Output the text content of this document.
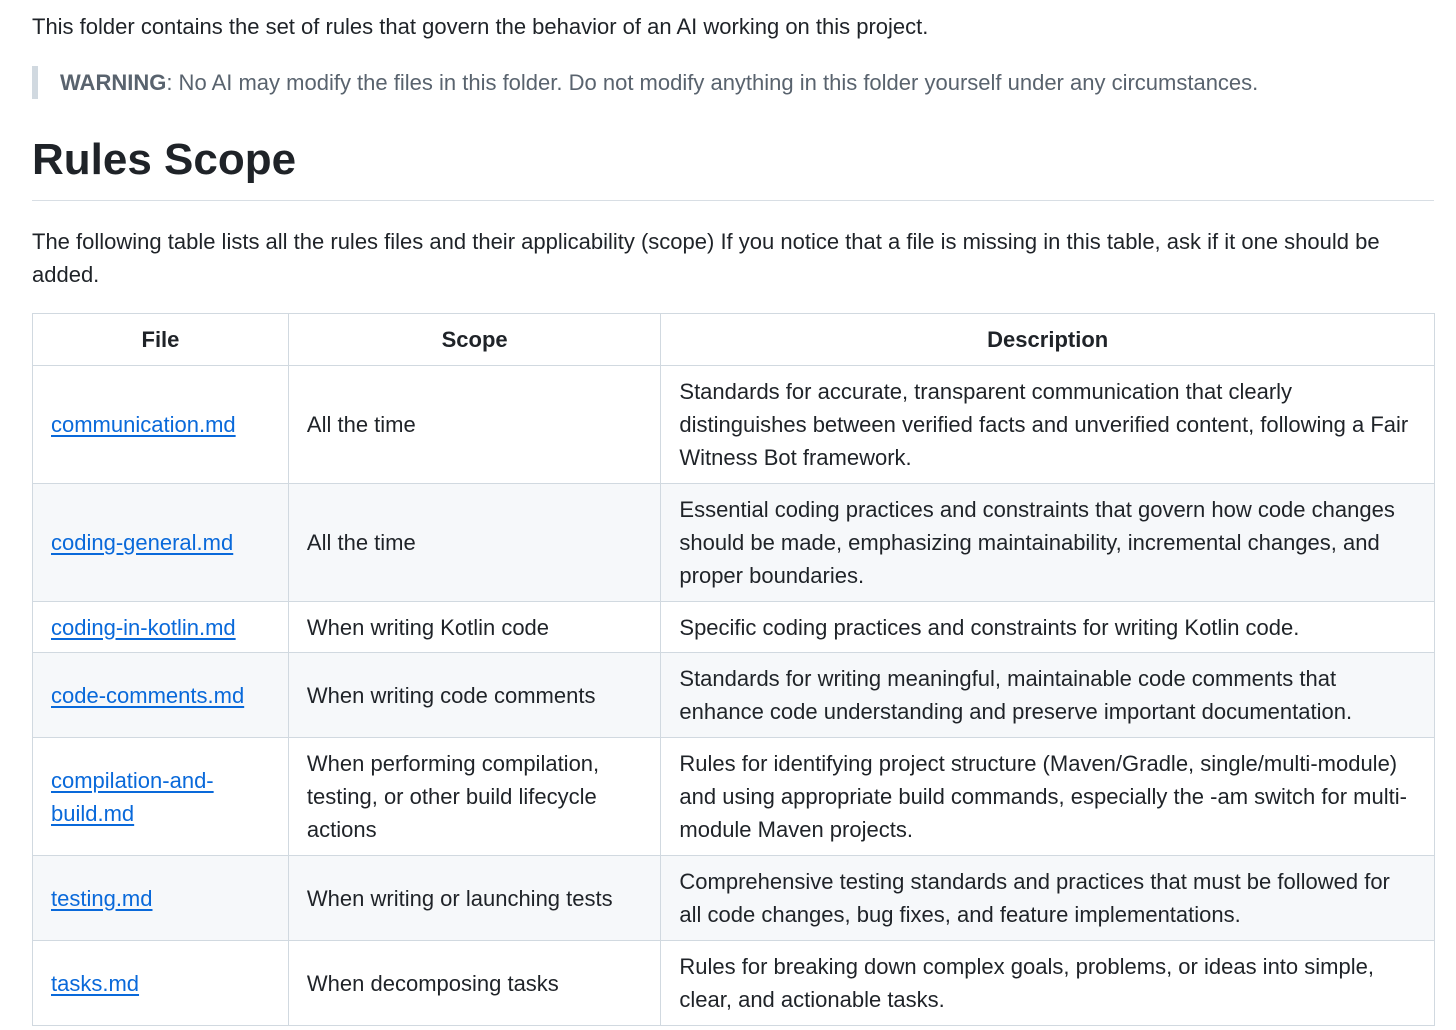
This folder contains the set of rules that govern the behavior of an AI working on this project.

WARNING: No AI may modify the files in this folder. Do not modify anything in this folder yourself under any circumstances.
Rules Scope

The following table lists all the rules files and their applicability (scope) If you notice that a file is missing in this table, ask if it one should be added.

File	Scope	Description
communication.md	All the time	Standards for accurate, transparent communication that clearly distinguishes between verified facts and unverified content, following a Fair Witness Bot framework.
coding-general.md	All the time	Essential coding practices and constraints that govern how code changes should be made, emphasizing maintainability, incremental changes, and proper boundaries.
coding-in-kotlin.md	When writing Kotlin code	Specific coding practices and constraints for writing Kotlin code.
code-comments.md	When writing code comments	Standards for writing meaningful, maintainable code comments that enhance code understanding and preserve important documentation.
compilation-and-build.md	When performing compilation, testing, or other build lifecycle actions	Rules for identifying project structure (Maven/Gradle, single/multi-module) and using appropriate build commands, especially the -am switch for multi-module Maven projects.
testing.md	When writing or launching tests	Comprehensive testing standards and practices that must be followed for all code changes, bug fixes, and feature implementations.
tasks.md	When decomposing tasks	Rules for breaking down complex goals, problems, or ideas into simple, clear, and actionable tasks.
